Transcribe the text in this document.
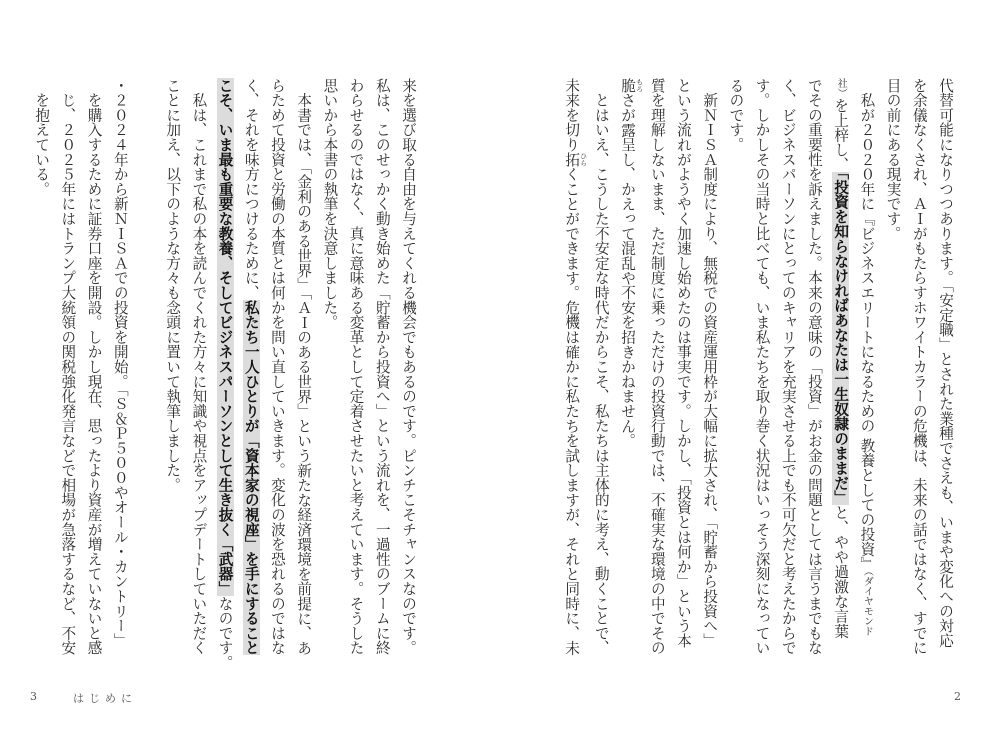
代替可能になりつつあります。「安定職」とされた業種でさえも、いまや変化への対応
を余儀なくされ、ＡＩがもたらすホワイトカラーの危機は、未来の話ではなく、すでに
目の前にある現実です。
　私が２０２０年に『ビジネスエリートになるための 教養としての投資』（ダイヤモンド
社）を上梓し、「投資を知らなければあなたは一生奴隷のままだ」と、やや過激な言葉
でその重要性を訴えました。本来の意味の「投資」がお金の問題としては言うまでもな
く、ビジネスパーソンにとってのキャリアを充実させる上でも不可欠だと考えたからで
す。しかしその当時と比べても、いま私たちを取り巻く状況はいっそう深刻になってい
るのです。
　新ＮＩＳＡ制度により、無税での資産運用枠が大幅に拡大され、「貯蓄から投資へ」
という流れがようやく加速し始めたのは事実です。しかし、「投資とは何か」という本
質を理解しないまま、ただ制度に乗っただけの投資行動では、不確実な環境の中でその
脆 もろさが露呈し、かえって混乱や不安を招きかねません。
　とはいえ、こうした不安定な時代だからこそ、私たちは主体的に考え、動くことで、
未来を切り拓 ひらくことができます。危機は確かに私たちを試しますが、それと同時に、未
来を選び取る自由を与えてくれる機会でもあるのです。ピンチこそチャンスなのです。
私は、このせっかく動き始めた「貯蓄から投資へ」という流れを、一過性のブームに終
わらせるのではなく、真に意味ある変革として定着させたいと考えています。そうした
思いから本書の執筆を決意しました。
　本書では、「金利のある世界」「ＡＩのある世界」という新たな経済環境を前提に、あ
らためて投資と労働の本質とは何かを問い直していきます。変化の波を恐れるのではな
く、それを味方につけるために、私たち一人ひとりが「資本家の視座」を手にすること
こそ、いま最も重要な教養、そしてビジネスパーソンとして生き抜く「武器」なのです。
　私は、これまで私の本を読んでくれた方々に知識や視点をアップデートしていただく
ことに加え、以下のような方々も念頭に置いて執筆しました。
・２０２４年から新ＮＩＳＡでの投資を開始。「Ｓ＆Ｐ５００やオール・カントリー」
　を購入するために証券口座を開設。しかし現在、思ったより資産が増えていないと感
　じ、２０２５年にはトランプ大統領の関税強化発言などで相場が急落するなど、不安
　を抱えている。
3	はじめに	2
